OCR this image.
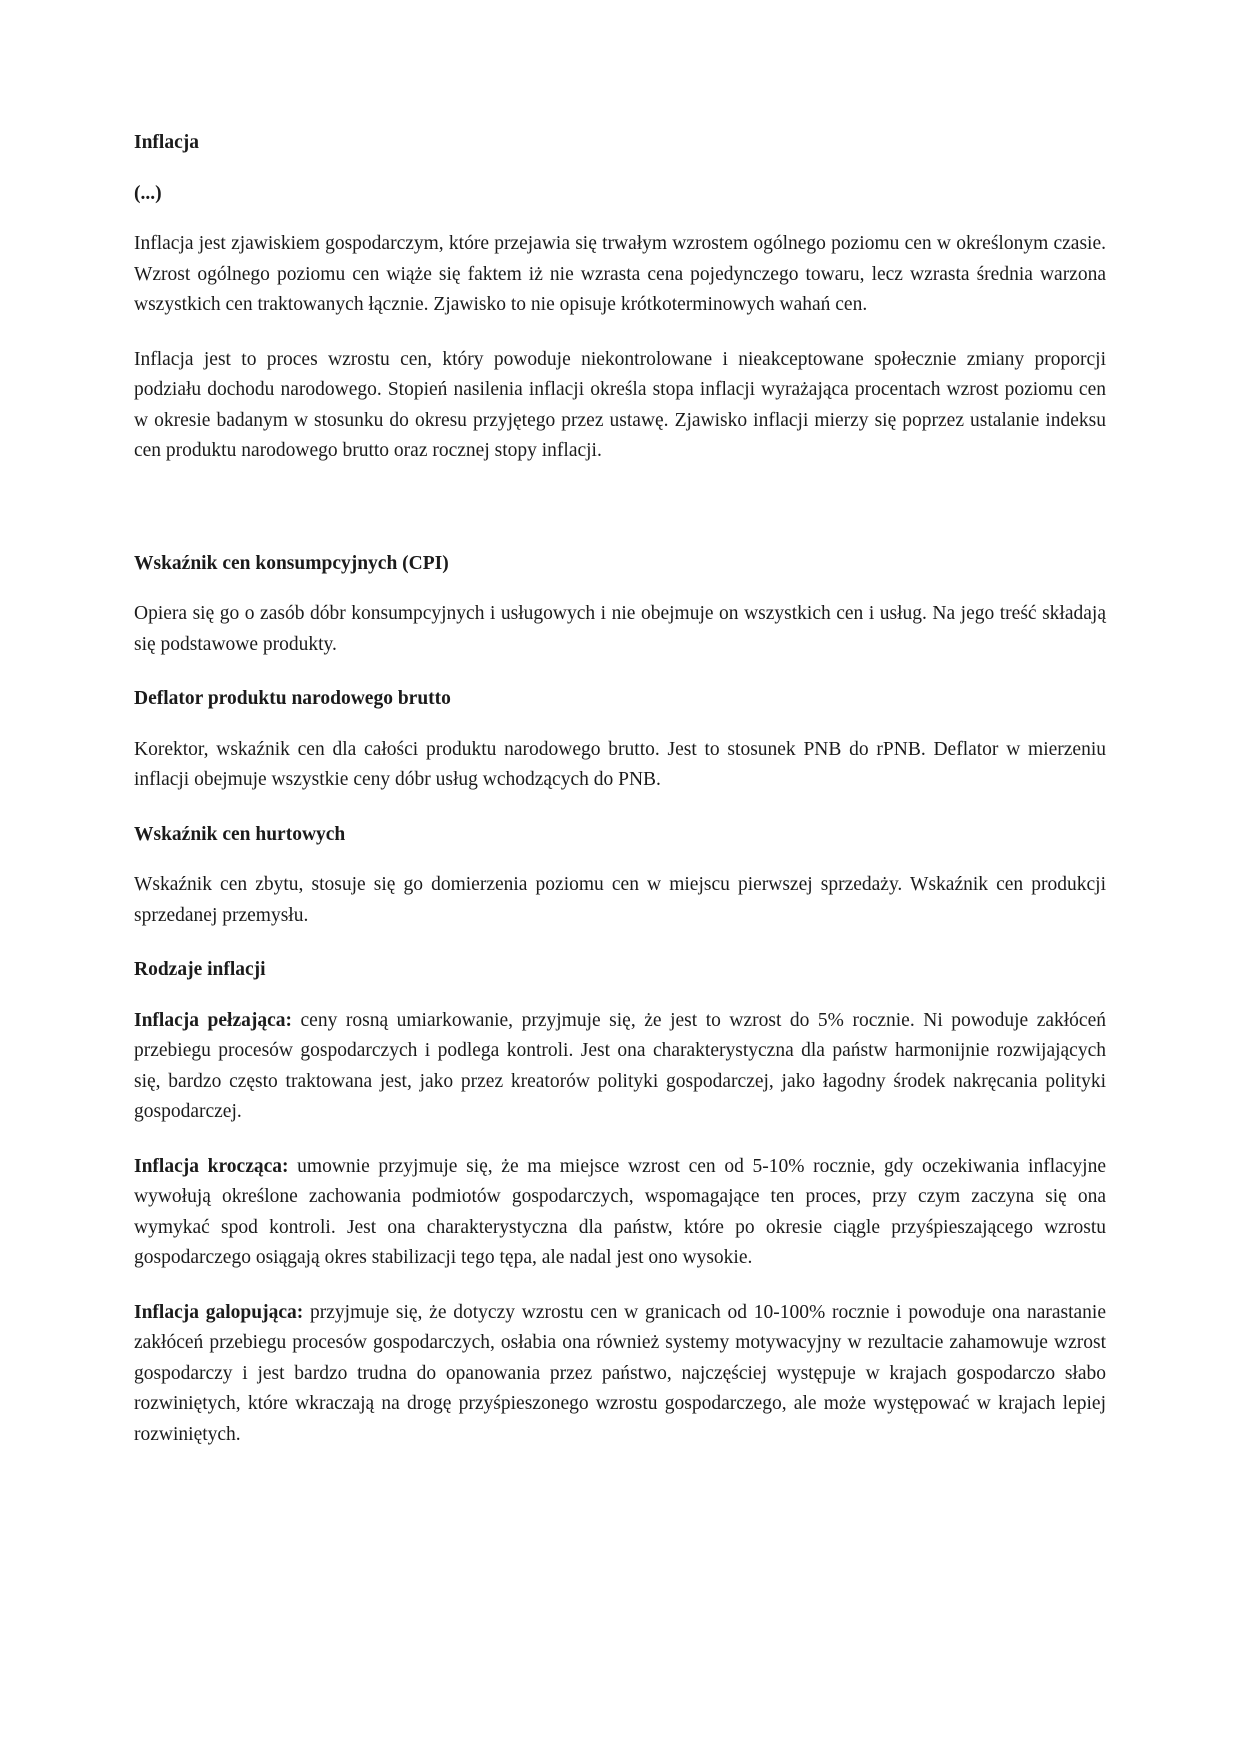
Inflacja
(...)

Inflacja jest zjawiskiem gospodarczym, które przejawia się trwałym wzrostem ogólnego poziomu cen w określonym czasie. Wzrost ogólnego poziomu cen wiąże się faktem iż nie wzrasta cena pojedynczego towaru, lecz wzrasta średnia warzona wszystkich cen traktowanych łącznie. Zjawisko to nie opisuje krótkoterminowych wahań cen.

Inflacja jest to proces wzrostu cen, który powoduje niekontrolowane i nieakceptowane społecznie zmiany proporcji podziału dochodu narodowego. Stopień nasilenia inflacji określa stopa inflacji wyrażająca procentach wzrost poziomu cen w okresie badanym w stosunku do okresu przyjętego przez ustawę. Zjawisko inflacji mierzy się poprzez ustalanie indeksu cen produktu narodowego brutto oraz rocznej stopy inflacji.

Wskaźnik cen konsumpcyjnych (CPI)

Opiera się go o zasób dóbr konsumpcyjnych i usługowych i nie obejmuje on wszystkich cen i usług. Na jego treść składają się podstawowe produkty.

Deflator produktu narodowego brutto

Korektor, wskaźnik cen dla całości produktu narodowego brutto. Jest to stosunek PNB do rPNB. Deflator w mierzeniu inflacji obejmuje wszystkie ceny dóbr usług wchodzących do PNB.

Wskaźnik cen hurtowych

Wskaźnik cen zbytu, stosuje się go domierzenia poziomu cen w miejscu pierwszej sprzedaży. Wskaźnik cen produkcji sprzedanej przemysłu.

Rodzaje inflacji

Inflacja pełzająca: ceny rosną umiarkowanie, przyjmuje się, że jest to wzrost do 5% rocznie. Ni powoduje zakłóceń przebiegu procesów gospodarczych i podlega kontroli. Jest ona charakterystyczna dla państw harmonijnie rozwijających się, bardzo często traktowana jest, jako przez kreatorów polityki gospodarczej, jako łagodny środek nakręcania polityki gospodarczej.

Inflacja krocząca: umownie przyjmuje się, że ma miejsce wzrost cen od 5-10% rocznie, gdy oczekiwania inflacyjne wywołują określone zachowania podmiotów gospodarczych, wspomagające ten proces, przy czym zaczyna się ona wymykać spod kontroli. Jest ona charakterystyczna dla państw, które po okresie ciągle przyśpieszającego wzrostu gospodarczego osiągają okres stabilizacji tego tępa, ale nadal jest ono wysokie.

Inflacja galopująca: przyjmuje się, że dotyczy wzrostu cen w granicach od 10-100% rocznie i powoduje ona narastanie zakłóceń przebiegu procesów gospodarczych, osłabia ona również systemy motywacyjny w rezultacie zahamowuje wzrost gospodarczy i jest bardzo trudna do opanowania przez państwo, najczęściej występuje w krajach gospodarczo słabo rozwiniętych, które wkraczają na drogę przyśpieszonego wzrostu gospodarczego, ale może występować w krajach lepiej rozwiniętych.
